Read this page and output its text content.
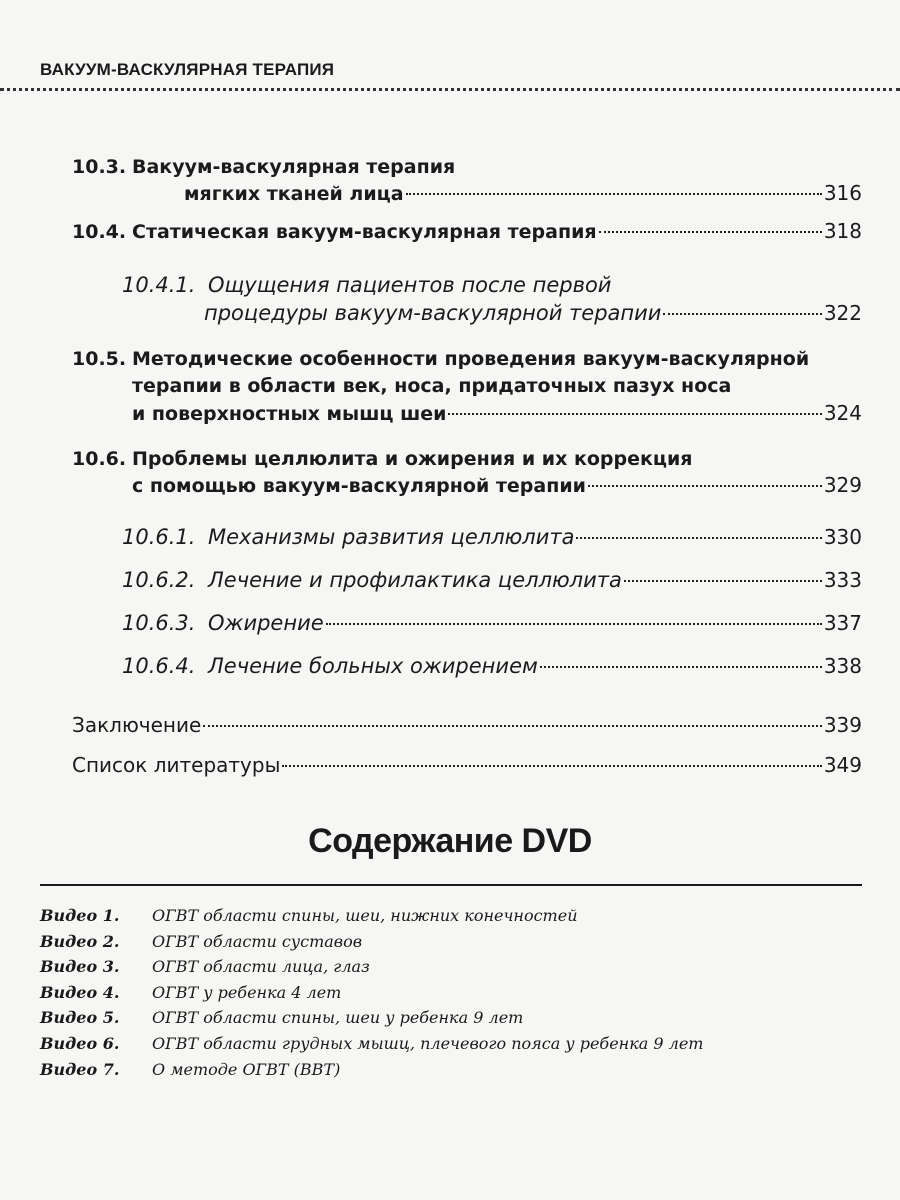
ВАКУУМ-ВАСКУЛЯРНАЯ ТЕРАПИЯ
10.3. Вакуум-васкулярная терапия
мягких тканей лица	316
10.4. Статическая вакуум-васкулярная терапия	318
10.4.1. Ощущения пациентов после первой
процедуры вакуум-васкулярной терапии	322
10.5. Методические особенности проведения вакуум-васкулярной
терапии в области век, носа, придаточных пазух носа
и поверхностных мышц шеи	324
10.6. Проблемы целлюлита и ожирения и их коррекция
с помощью вакуум-васкулярной терапии	329
10.6.1. Механизмы развития целлюлита	330
10.6.2. Лечение и профилактика целлюлита	333
10.6.3. Ожирение	337
10.6.4. Лечение больных ожирением	338
Заключение	339
Список литературы	349
Содержание DVD
Видео 1.	ОГВТ области спины, шеи, нижних конечностей
Видео 2.	ОГВТ области суставов
Видео 3.	ОГВТ области лица, глаз
Видео 4.	ОГВТ у ребенка 4 лет
Видео 5.	ОГВТ области спины, шеи у ребенка 9 лет
Видео 6.	ОГВТ области грудных мышц, плечевого пояса у ребенка 9 лет
Видео 7.	О методе ОГВТ (ВВТ)
